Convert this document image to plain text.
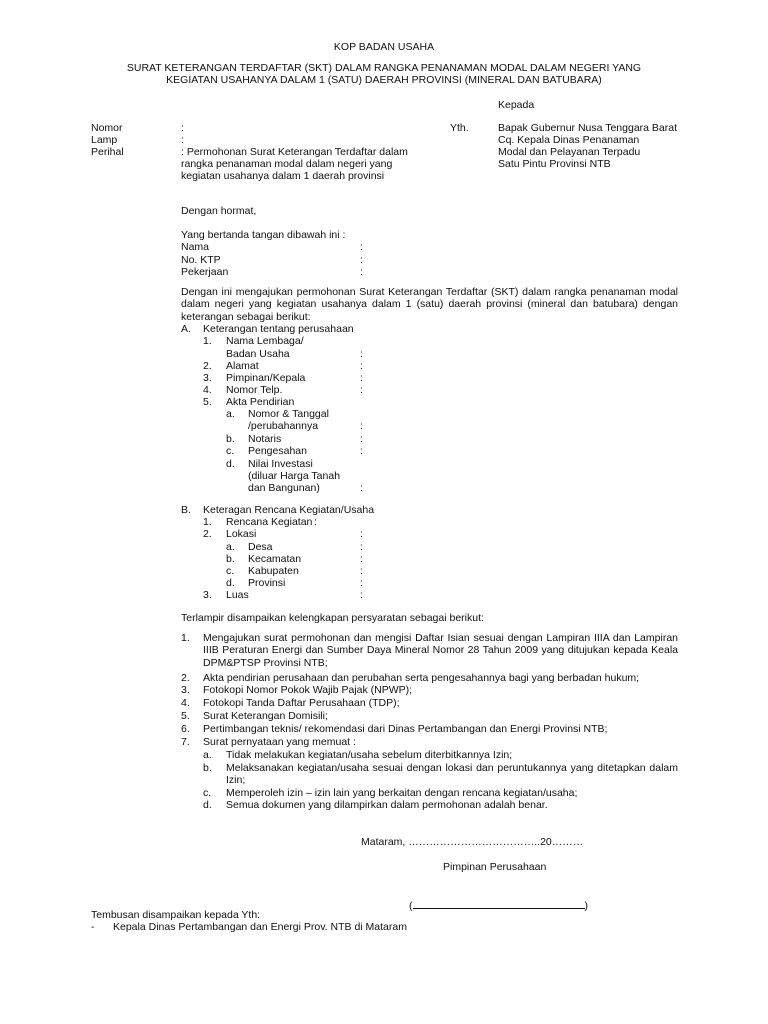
KOP BADAN USAHA
SURAT KETERANGAN TERDAFTAR (SKT) DALAM RANGKA PENANAMAN MODAL DALAM NEGERI YANG
KEGIATAN USAHANYA DALAM 1 (SATU) DAERAH PROVINSI (MINERAL DAN BATUBARA)
Kepada
Nomor	:
Lamp	:
Perihal	: Permohonan Surat Keterangan Terdaftar dalam
rangka penanaman modal dalam negeri yang
kegiatan usahanya dalam 1 daerah provinsi
Yth.	Bapak Gubernur Nusa Tenggara Barat
Cq. Kepala Dinas Penanaman
Modal dan Pelayanan Terpadu
Satu Pintu Provinsi NTB
Dengan hormat,
Yang bertanda tangan dibawah ini :
Nama	:
No. KTP	:
Pekerjaan	:
Dengan ini mengajukan permohonan Surat Keterangan Terdaftar (SKT) dalam rangka penanaman modal dalam negeri yang kegiatan usahanya dalam 1 (satu) daerah provinsi (mineral dan batubara) dengan keterangan sebagai berikut:
A. Keterangan tentang perusahaan
1. Nama Lembaga/
Badan Usaha	:
2. Alamat	:
3. Pimpinan/Kepala	:
4. Nomor Telp.	:
5. Akta Pendirian
a. Nomor & Tanggal
/perubahannya	:
b. Notaris	:
c. Pengesahan	:
d. Nilai Investasi
(diluar Harga Tanah
dan Bangunan)	:
B. Keteragan Rencana Kegiatan/Usaha
1. Rencana Kegiatan :
2. Lokasi	:
a. Desa	:
b. Kecamatan	:
c. Kabupaten	:
d. Provinsi	:
3. Luas	:
Terlampir disampaikan kelengkapan persyaratan sebagai berikut:
1. Mengajukan surat permohonan dan mengisi Daftar Isian sesuai dengan Lampiran IIIA dan Lampiran IIIB Peraturan Energi dan Sumber Daya Mineral Nomor 28 Tahun 2009 yang ditujukan kepada Keala DPM&PTSP Provinsi NTB;
2. Akta pendirian perusahaan dan perubahan serta pengesahannya bagi yang berbadan hukum;
3. Fotokopi Nomor Pokok Wajib Pajak (NPWP);
4. Fotokopi Tanda Daftar Perusahaan (TDP);
5. Surat Keterangan Domisili;
6. Pertimbangan teknis/ rekomendasi dari Dinas Pertambangan dan Energi Provinsi NTB;
7. Surat pernyataan yang memuat :
a. Tidak melakukan kegiatan/usaha sebelum diterbitkannya Izin;
b. Melaksanakan kegiatan/usaha sesuai dengan lokasi dan peruntukannya yang ditetapkan dalam Izin;
c. Memperoleh izin – izin lain yang berkaitan dengan rencana kegiatan/usaha;
d. Semua dokumen yang dilampirkan dalam permohonan adalah benar.
Mataram, ………………………………..20………
Pimpinan Perusahaan
(	)
Tembusan disampaikan kepada Yth:
- Kepala Dinas Pertambangan dan Energi Prov. NTB di Mataram
